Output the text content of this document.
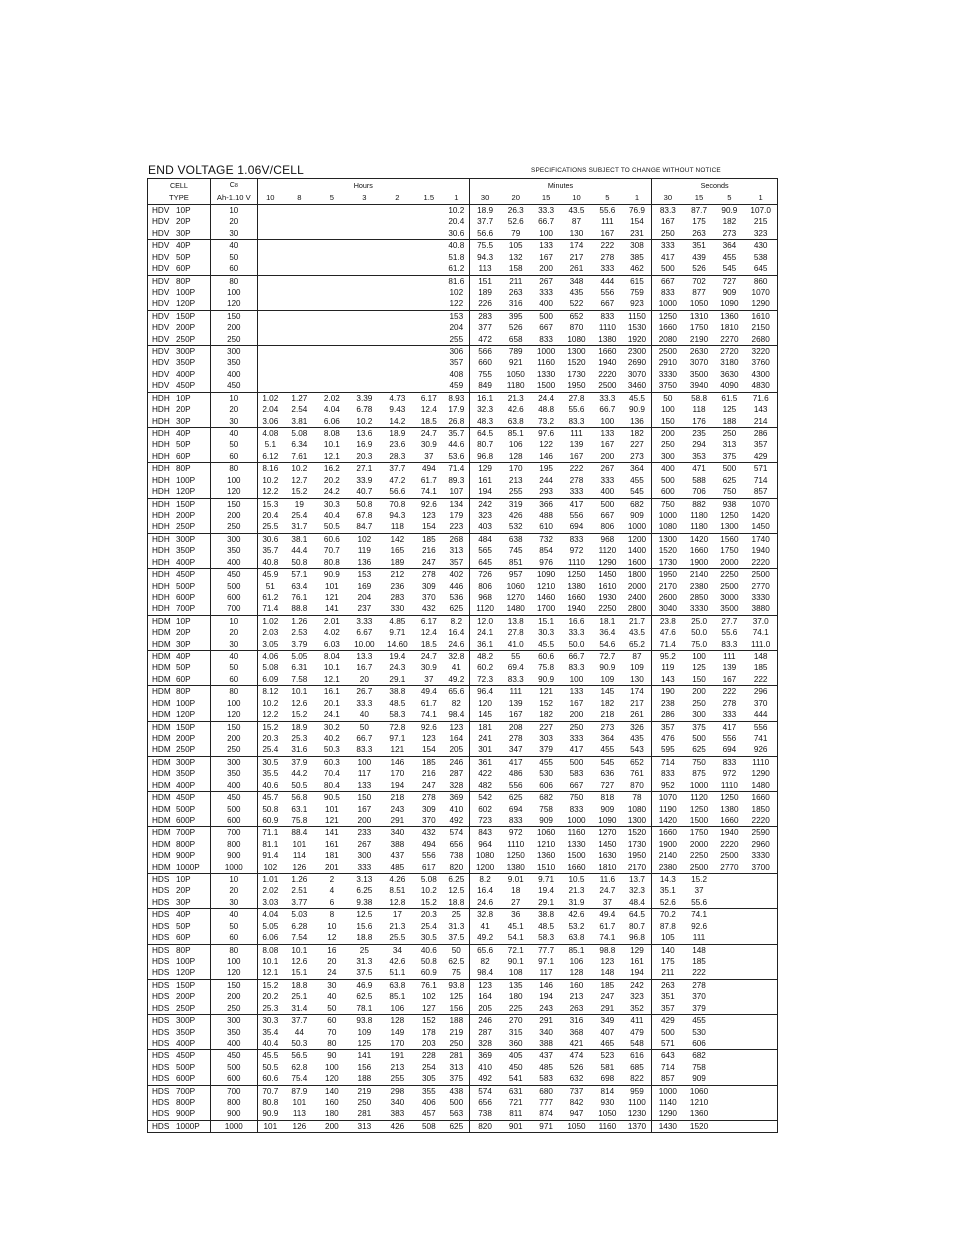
END VOLTAGE 1.06V/CELL	SPECIFICATIONS SUBJECT TO CHANGE WITHOUT NOTICE
CELL	C8	Hours							Minutes						Seconds			
TYPE	Ah-1.10 V	10	8	5	3	2	1.5	1	30	20	15	10	5	1	30	15	5	1
HDV 10P	10							10.2	18.9	26.3	33.3	43.5	55.6	76.9	83.3	87.7	90.9	107.0
HDV 20P	20							20.4	37.7	52.6	66.7	87	111	154	167	175	182	215
HDV 30P	30							30.6	56.6	79	100	130	167	231	250	263	273	323
HDV 40P	40							40.8	75.5	105	133	174	222	308	333	351	364	430
HDV 50P	50							51.8	94.3	132	167	217	278	385	417	439	455	538
HDV 60P	60							61.2	113	158	200	261	333	462	500	526	545	645
HDV 80P	80							81.6	151	211	267	348	444	615	667	702	727	860
HDV 100P	100							102	189	263	333	435	556	759	833	877	909	1070
HDV 120P	120							122	226	316	400	522	667	923	1000	1050	1090	1290
HDV 150P	150							153	283	395	500	652	833	1150	1250	1310	1360	1610
HDV 200P	200							204	377	526	667	870	1110	1530	1660	1750	1810	2150
HDV 250P	250							255	472	658	833	1080	1380	1920	2080	2190	2270	2680
HDV 300P	300							306	566	789	1000	1300	1660	2300	2500	2630	2720	3220
HDV 350P	350							357	660	921	1160	1520	1940	2690	2910	3070	3180	3760
HDV 400P	400							408	755	1050	1330	1730	2220	3070	3330	3500	3630	4300
HDV 450P	450							459	849	1180	1500	1950	2500	3460	3750	3940	4090	4830
HDH 10P	10	1.02	1.27	2.02	3.39	4.73	6.17	8.93	16.1	21.3	24.4	27.8	33.3	45.5	50	58.8	61.5	71.6
HDH 20P	20	2.04	2.54	4.04	6.78	9.43	12.4	17.9	32.3	42.6	48.8	55.6	66.7	90.9	100	118	125	143
HDH 30P	30	3.06	3.81	6.06	10.2	14.2	18.5	26.8	48.3	63.8	73.2	83.3	100	136	150	176	188	214
HDH 40P	40	4.08	5.08	8.08	13.6	18.9	24.7	35.7	64.5	85.1	97.6	111	133	182	200	235	250	286
HDH 50P	50	5.1	6.34	10.1	16.9	23.6	30.9	44.6	80.7	106	122	139	167	227	250	294	313	357
HDH 60P	60	6.12	7.61	12.1	20.3	28.3	37	53.6	96.8	128	146	167	200	273	300	353	375	429
HDH 80P	80	8.16	10.2	16.2	27.1	37.7	494	71.4	129	170	195	222	267	364	400	471	500	571
HDH 100P	100	10.2	12.7	20.2	33.9	47.2	61.7	89.3	161	213	244	278	333	455	500	588	625	714
HDH 120P	120	12.2	15.2	24.2	40.7	56.6	74.1	107	194	255	293	333	400	545	600	706	750	857
HDH 150P	150	15.3	19	30.3	50.8	70.8	92.6	134	242	319	366	417	500	682	750	882	938	1070
HDH 200P	200	20.4	25.4	40.4	67.8	94.3	123	179	323	426	488	556	667	909	1000	1180	1250	1420
HDH 250P	250	25.5	31.7	50.5	84.7	118	154	223	403	532	610	694	806	1000	1080	1180	1300	1450
HDH 300P	300	30.6	38.1	60.6	102	142	185	268	484	638	732	833	968	1200	1300	1420	1560	1740
HDH 350P	350	35.7	44.4	70.7	119	165	216	313	565	745	854	972	1120	1400	1520	1660	1750	1940
HDH 400P	400	40.8	50.8	80.8	136	189	247	357	645	851	976	1110	1290	1600	1730	1900	2000	2220
HDH 450P	450	45.9	57.1	90.9	153	212	278	402	726	957	1090	1250	1450	1800	1950	2140	2250	2500
HDH 500P	500	51	63.4	101	169	236	309	446	806	1060	1210	1380	1610	2000	2170	2380	2500	2770
HDH 600P	600	61.2	76.1	121	204	283	370	536	968	1270	1460	1660	1930	2400	2600	2850	3000	3330
HDH 700P	700	71.4	88.8	141	237	330	432	625	1120	1480	1700	1940	2250	2800	3040	3330	3500	3880
HDM 10P	10	1.02	1.26	2.01	3.33	4.85	6.17	8.2	12.0	13.8	15.1	16.6	18.1	21.7	23.8	25.0	27.7	37.0
HDM 20P	20	2.03	2.53	4.02	6.67	9.71	12.4	16.4	24.1	27.8	30.3	33.3	36.4	43.5	47.6	50.0	55.6	74.1
HDM 30P	30	3.05	3.79	6.03	10.00	14.60	18.5	24.6	36.1	41.0	45.5	50.0	54.6	65.2	71.4	75.0	83.3	111.0
HDM 40P	40	4.06	5.05	8.04	13.3	19.4	24.7	32.8	48.2	55	60.6	66.7	72.7	87	95.2	100	111	148
HDM 50P	50	5.08	6.31	10.1	16.7	24.3	30.9	41	60.2	69.4	75.8	83.3	90.9	109	119	125	139	185
HDM 60P	60	6.09	7.58	12.1	20	29.1	37	49.2	72.3	83.3	90.9	100	109	130	143	150	167	222
HDM 80P	80	8.12	10.1	16.1	26.7	38.8	49.4	65.6	96.4	111	121	133	145	174	190	200	222	296
HDM 100P	100	10.2	12.6	20.1	33.3	48.5	61.7	82	120	139	152	167	182	217	238	250	278	370
HDM 120P	120	12.2	15.2	24.1	40	58.3	74.1	98.4	145	167	182	200	218	261	286	300	333	444
HDM 150P	150	15.2	18.9	30.2	50	72.8	92.6	123	181	208	227	250	273	326	357	375	417	556
HDM 200P	200	20.3	25.3	40.2	66.7	97.1	123	164	241	278	303	333	364	435	476	500	556	741
HDM 250P	250	25.4	31.6	50.3	83.3	121	154	205	301	347	379	417	455	543	595	625	694	926
HDM 300P	300	30.5	37.9	60.3	100	146	185	246	361	417	455	500	545	652	714	750	833	1110
HDM 350P	350	35.5	44.2	70.4	117	170	216	287	422	486	530	583	636	761	833	875	972	1290
HDM 400P	400	40.6	50.5	80.4	133	194	247	328	482	556	606	667	727	870	952	1000	1110	1480
HDM 450P	450	45.7	56.8	90.5	150	218	278	369	542	625	682	750	818	78	1070	1120	1250	1660
HDM 500P	500	50.8	63.1	101	167	243	309	410	602	694	758	833	909	1080	1190	1250	1380	1850
HDM 600P	600	60.9	75.8	121	200	291	370	492	723	833	909	1000	1090	1300	1420	1500	1660	2220
HDM 700P	700	71.1	88.4	141	233	340	432	574	843	972	1060	1160	1270	1520	1660	1750	1940	2590
HDM 800P	800	81.1	101	161	267	388	494	656	964	1110	1210	1330	1450	1730	1900	2000	2220	2960
HDM 900P	900	91.4	114	181	300	437	556	738	1080	1250	1360	1500	1630	1950	2140	2250	2500	3330
HDM 1000P	1000	102	126	201	333	485	617	820	1200	1380	1510	1660	1810	2170	2380	2500	2770	3700
HDS 10P	10	1.01	1.26	2	3.13	4.26	5.08	6.25	8.2	9.01	9.71	10.5	11.6	13.7	14.3	15.2		
HDS 20P	20	2.02	2.51	4	6.25	8.51	10.2	12.5	16.4	18	19.4	21.3	24.7	32.3	35.1	37		
HDS 30P	30	3.03	3.77	6	9.38	12.8	15.2	18.8	24.6	27	29.1	31.9	37	48.4	52.6	55.6		
HDS 40P	40	4.04	5.03	8	12.5	17	20.3	25	32.8	36	38.8	42.6	49.4	64.5	70.2	74.1		
HDS 50P	50	5.05	6.28	10	15.6	21.3	25.4	31.3	41	45.1	48.5	53.2	61.7	80.7	87.8	92.6		
HDS 60P	60	6.06	7.54	12	18.8	25.5	30.5	37.5	49.2	54.1	58.3	63.8	74.1	96.8	105	111		
HDS 80P	80	8.08	10.1	16	25	34	40.6	50	65.6	72.1	77.7	85.1	98.8	129	140	148		
HDS 100P	100	10.1	12.6	20	31.3	42.6	50.8	62.5	82	90.1	97.1	106	123	161	175	185		
HDS 120P	120	12.1	15.1	24	37.5	51.1	60.9	75	98.4	108	117	128	148	194	211	222		
HDS 150P	150	15.2	18.8	30	46.9	63.8	76.1	93.8	123	135	146	160	185	242	263	278		
HDS 200P	200	20.2	25.1	40	62.5	85.1	102	125	164	180	194	213	247	323	351	370		
HDS 250P	250	25.3	31.4	50	78.1	106	127	156	205	225	243	263	291	352	357	379		
HDS 300P	300	30.3	37.7	60	93.8	128	152	188	246	270	291	316	349	411	429	455		
HDS 350P	350	35.4	44	70	109	149	178	219	287	315	340	368	407	479	500	530		
HDS 400P	400	40.4	50.3	80	125	170	203	250	328	360	388	421	465	548	571	606		
HDS 450P	450	45.5	56.5	90	141	191	228	281	369	405	437	474	523	616	643	682		
HDS 500P	500	50.5	62.8	100	156	213	254	313	410	450	485	526	581	685	714	758		
HDS 600P	600	60.6	75.4	120	188	255	305	375	492	541	583	632	698	822	857	909		
HDS 700P	700	70.7	87.9	140	219	298	355	438	574	631	680	737	814	959	1000	1060		
HDS 800P	800	80.8	101	160	250	340	406	500	656	721	777	842	930	1100	1140	1210		
HDS 900P	900	90.9	113	180	281	383	457	563	738	811	874	947	1050	1230	1290	1360		
HDS 1000P	1000	101	126	200	313	426	508	625	820	901	971	1050	1160	1370	1430	1520		
